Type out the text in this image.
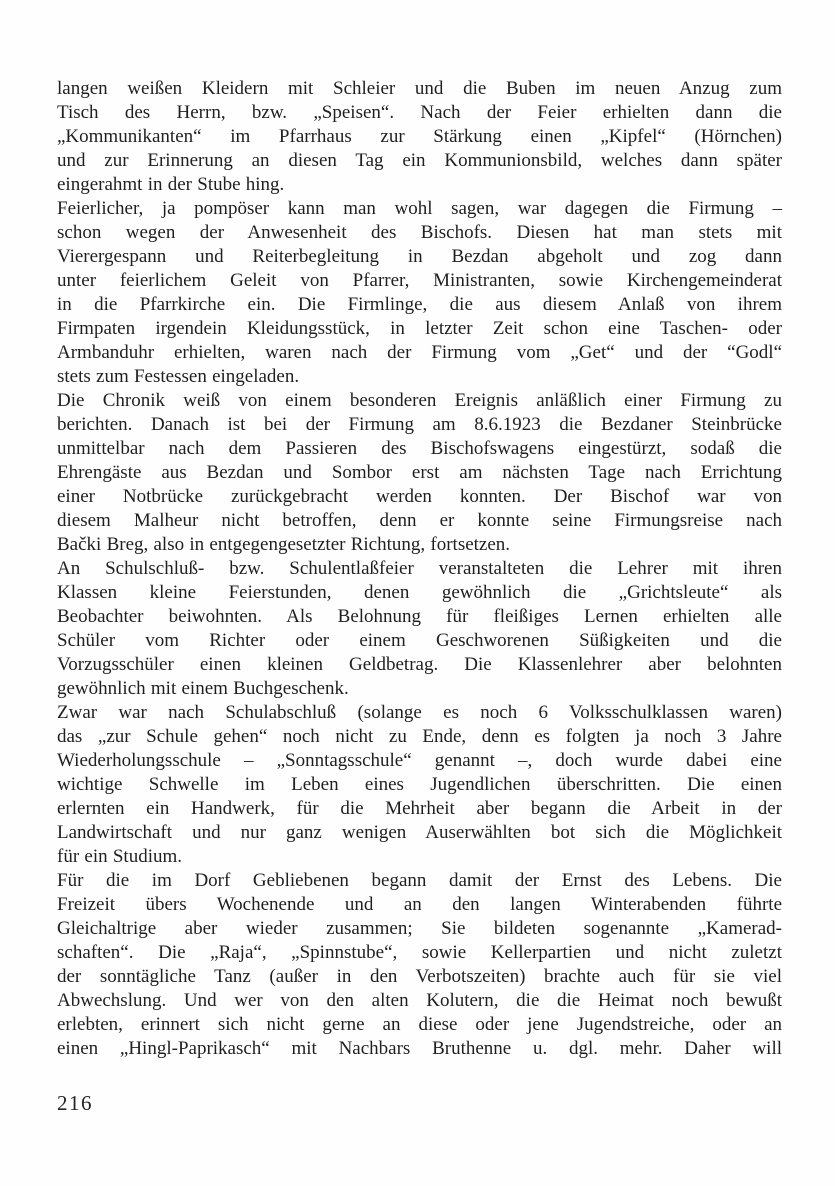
langen weißen Kleidern mit Schleier und die Buben im neuen Anzug zum
Tisch des Herrn, bzw. „Speisen“. Nach der Feier erhielten dann die
„Kommunikanten“ im Pfarrhaus zur Stärkung einen „Kipfel“ (Hörnchen)
und zur Erinnerung an diesen Tag ein Kommunionsbild, welches dann später
eingerahmt in der Stube hing.

Feierlicher, ja pompöser kann man wohl sagen, war dagegen die Firmung –
schon wegen der Anwesenheit des Bischofs. Diesen hat man stets mit
Vierergespann und Reiterbegleitung in Bezdan abgeholt und zog dann
unter feierlichem Geleit von Pfarrer, Ministranten, sowie Kirchengemeinderat
in die Pfarrkirche ein. Die Firmlinge, die aus diesem Anlaß von ihrem
Firmpaten irgendein Kleidungsstück, in letzter Zeit schon eine Taschen- oder
Armbanduhr erhielten, waren nach der Firmung vom „Get“ und der “Godl“
stets zum Festessen eingeladen.

Die Chronik weiß von einem besonderen Ereignis anläßlich einer Firmung zu
berichten. Danach ist bei der Firmung am 8.6.1923 die Bezdaner Steinbrücke
unmittelbar nach dem Passieren des Bischofswagens eingestürzt, sodaß die
Ehrengäste aus Bezdan und Sombor erst am nächsten Tage nach Errichtung
einer Notbrücke zurückgebracht werden konnten. Der Bischof war von
diesem Malheur nicht betroffen, denn er konnte seine Firmungsreise nach
Bački Breg, also in entgegengesetzter Richtung, fortsetzen.

An Schulschluß- bzw. Schulentlaßfeier veranstalteten die Lehrer mit ihren
Klassen kleine Feierstunden, denen gewöhnlich die „Grichtsleute“ als
Beobachter beiwohnten. Als Belohnung für fleißiges Lernen erhielten alle
Schüler vom Richter oder einem Geschworenen Süßigkeiten und die
Vorzugsschüler einen kleinen Geldbetrag. Die Klassenlehrer aber belohnten
gewöhnlich mit einem Buchgeschenk.

Zwar war nach Schulabschluß (solange es noch 6 Volksschulklassen waren)
das „zur Schule gehen“ noch nicht zu Ende, denn es folgten ja noch 3 Jahre
Wiederholungsschule – „Sonntagsschule“ genannt –, doch wurde dabei eine
wichtige Schwelle im Leben eines Jugendlichen überschritten. Die einen
erlernten ein Handwerk, für die Mehrheit aber begann die Arbeit in der
Landwirtschaft und nur ganz wenigen Auserwählten bot sich die Möglichkeit
für ein Studium.

Für die im Dorf Gebliebenen begann damit der Ernst des Lebens. Die
Freizeit übers Wochenende und an den langen Winterabenden führte
Gleichaltrige aber wieder zusammen; Sie bildeten sogenannte „Kamerad-
schaften“. Die „Raja“, „Spinnstube“, sowie Kellerpartien und nicht zuletzt
der sonntägliche Tanz (außer in den Verbotszeiten) brachte auch für sie viel
Abwechslung. Und wer von den alten Kolutern, die die Heimat noch bewußt
erlebten, erinnert sich nicht gerne an diese oder jene Jugendstreiche, oder an
einen „Hingl-Paprikasch“ mit Nachbars Bruthenne u. dgl. mehr. Daher will

216
